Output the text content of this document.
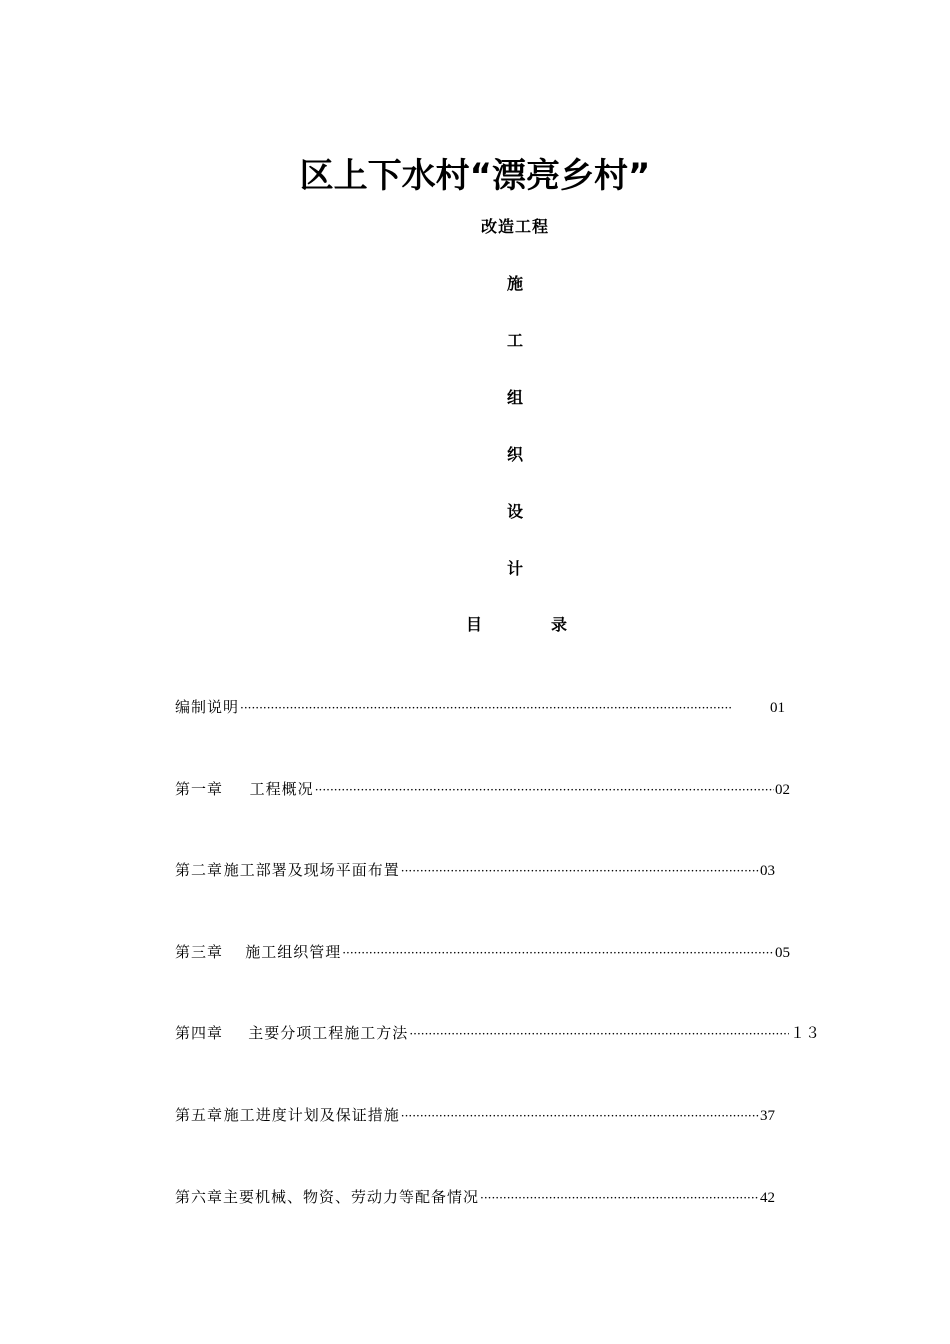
区上下水村“漂亮乡村”
改造工程
施
工
组
织
设
计
目	录
编制说明 ·····	01
第一章	工程概况 ·····	02
第二章 施工部署及现场平面布置 ·····	03
第三章	施工组织管理 ·····	05
第四章	主要分项工程施工方法 ·····	１３
第五章 施工进度计划及保证措施 ·····	37
第六章 主要机械、物资、劳动力等配备情况 ·····	42
